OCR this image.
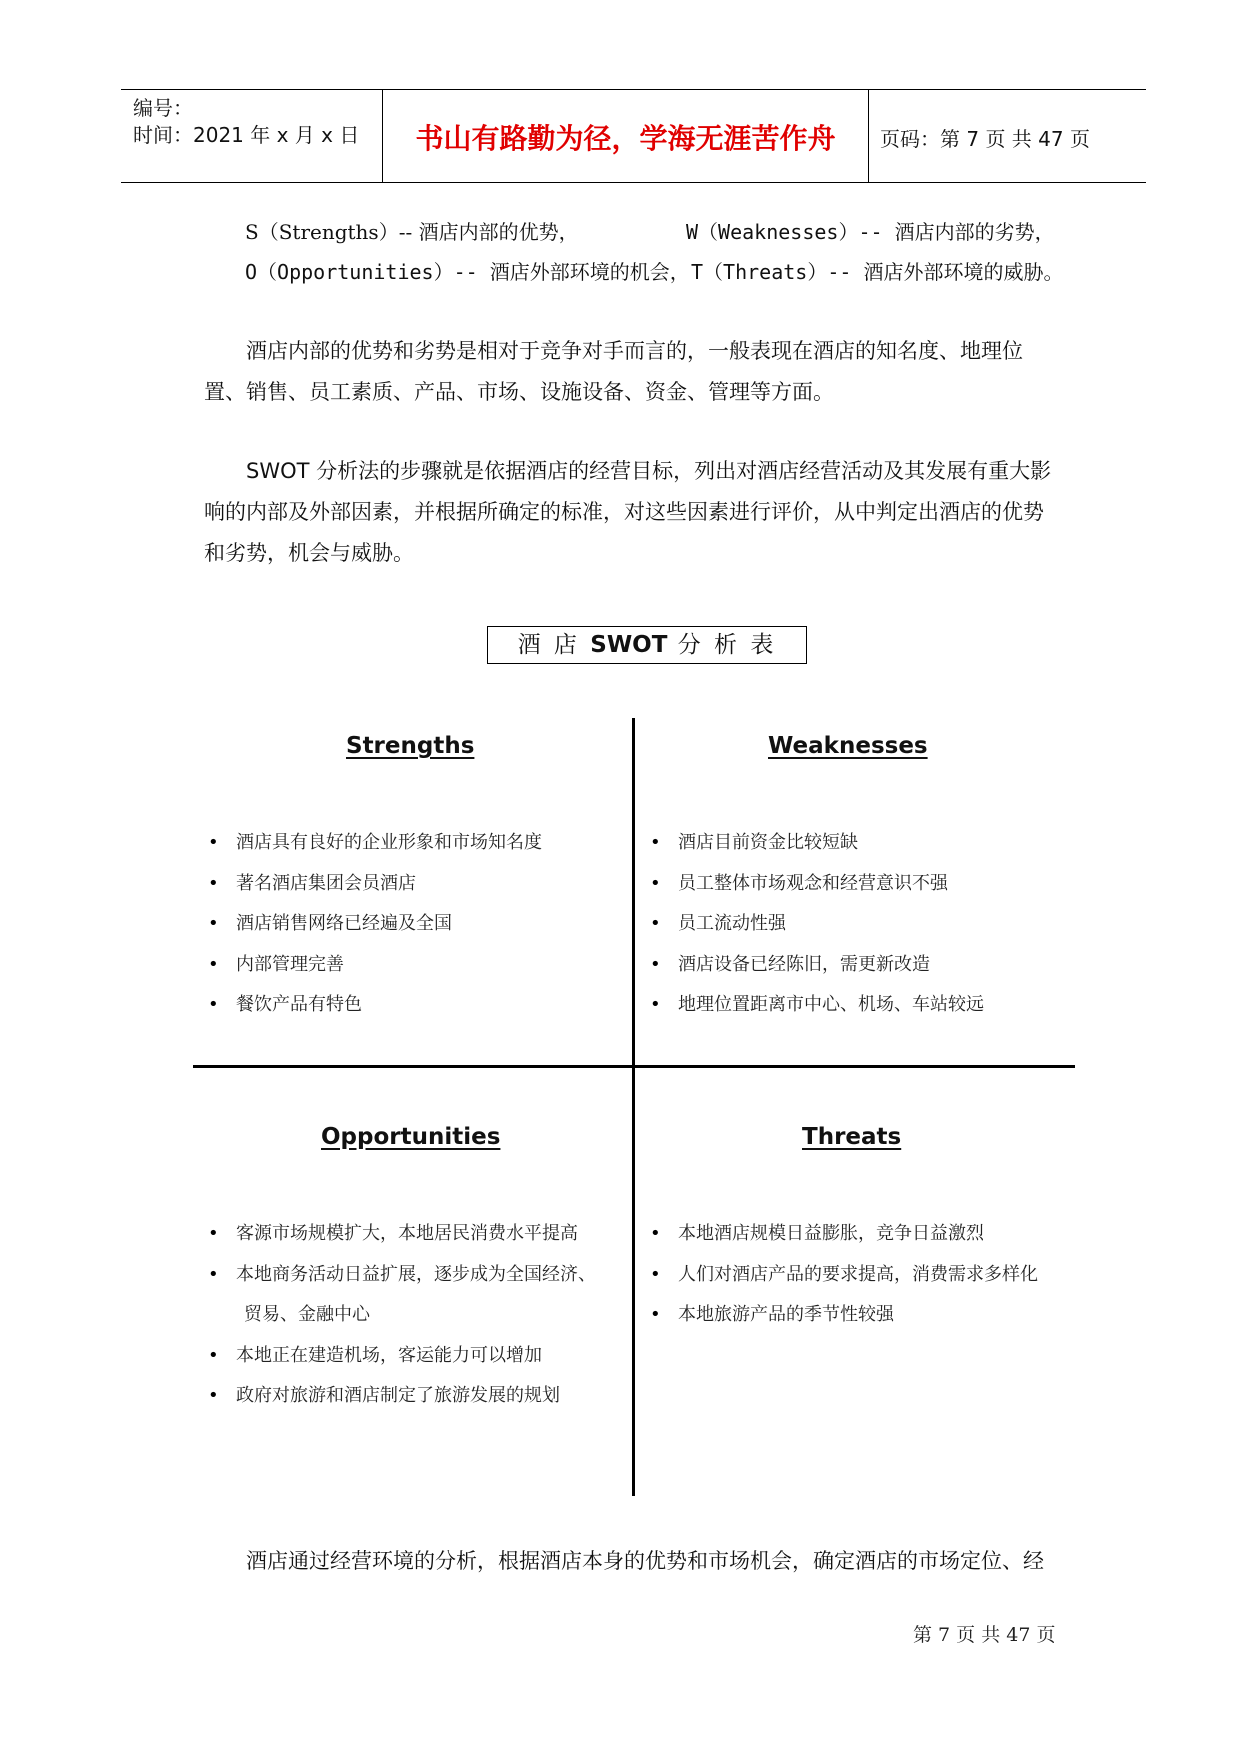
编号：
时间：2021 年 x 月 x 日	书山有路勤为径，学海无涯苦作舟	页码：第 7 页 共 47 页
S（Strengths）-- 酒店内部的优势，	W（Weaknesses）-- 酒店内部的劣势，
O（Opportunities）-- 酒店外部环境的机会， T（Threats）-- 酒店外部环境的威胁。
酒店内部的优势和劣势是相对于竞争对手而言的，一般表现在酒店的知名度、地理位置、销售、员工素质、产品、市场、设施设备、资金、管理等方面。
SWOT 分析法的步骤就是依据酒店的经营目标，列出对酒店经营活动及其发展有重大影响的内部及外部因素，并根据所确定的标准，对这些因素进行评价，从中判定出酒店的优势和劣势，机会与威胁。
酒 店 SWOT 分 析 表
Strengths
• 酒店具有良好的企业形象和市场知名度
• 著名酒店集团会员酒店
• 酒店销售网络已经遍及全国
• 内部管理完善
• 餐饮产品有特色
Weaknesses
• 酒店目前资金比较短缺
• 员工整体市场观念和经营意识不强
• 员工流动性强
• 酒店设备已经陈旧，需更新改造
• 地理位置距离市中心、机场、车站较远
Opportunities
• 客源市场规模扩大，本地居民消费水平提高
• 本地商务活动日益扩展，逐步成为全国经济、
贸易、金融中心
• 本地正在建造机场，客运能力可以增加
• 政府对旅游和酒店制定了旅游发展的规划
Threats
• 本地酒店规模日益膨胀，竞争日益激烈
• 人们对酒店产品的要求提高，消费需求多样化
• 本地旅游产品的季节性较强
酒店通过经营环境的分析，根据酒店本身的优势和市场机会，确定酒店的市场定位、经
第 7 页 共 47 页
